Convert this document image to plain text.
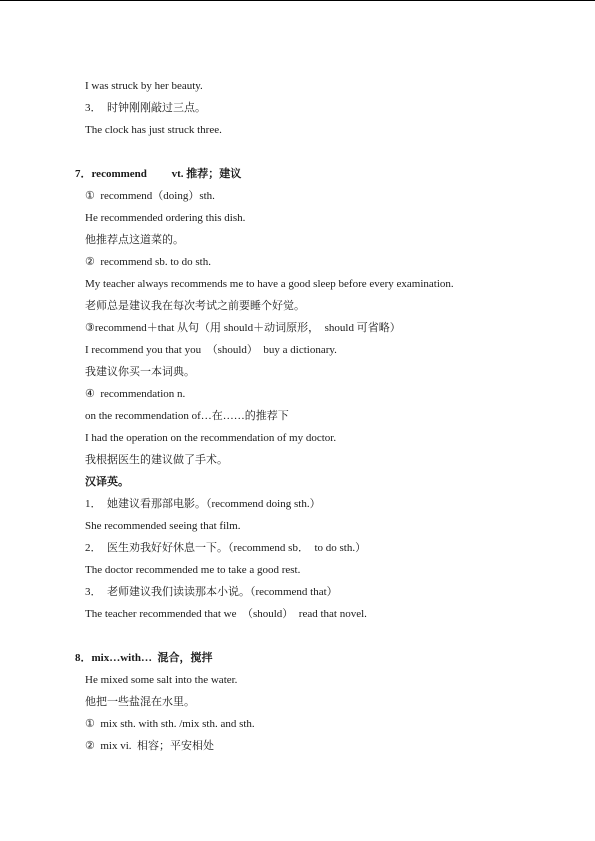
I was struck by her beauty.
3．  时钟刚刚敲过三点。
The clock has just struck three.
7．recommend         vt. 推荐；建议
①  recommend（doing）sth.
He recommended ordering this dish.
他推荐点这道菜的。
②  recommend sb. to do sth.
My teacher always recommends me to have a good sleep before every examination.
老师总是建议我在每次考试之前要睡个好觉。
③recommend＋that 从句（用 should＋动词原形，  should 可省略）
I recommend you that you  （should）  buy a dictionary.
我建议你买一本词典。
④  recommendation n.
on the recommendation of…在……的推荐下
I had the operation on the recommendation of my doctor.
我根据医生的建议做了手术。
汉译英。
1．  她建议看那部电影。（recommend doing sth.）
She recommended seeing that film.
2．  医生劝我好好休息一下。（recommend sb．  to do sth.）
The doctor recommended me to take a good rest.
3．  老师建议我们读读那本小说。（recommend that）
The teacher recommended that we  （should）  read that novel.
8．mix…with…  混合，搅拌
He mixed some salt into the water.
他把一些盐混在水里。
①  mix sth. with sth. /mix sth. and sth.
②  mix vi.  相容；平安相处
